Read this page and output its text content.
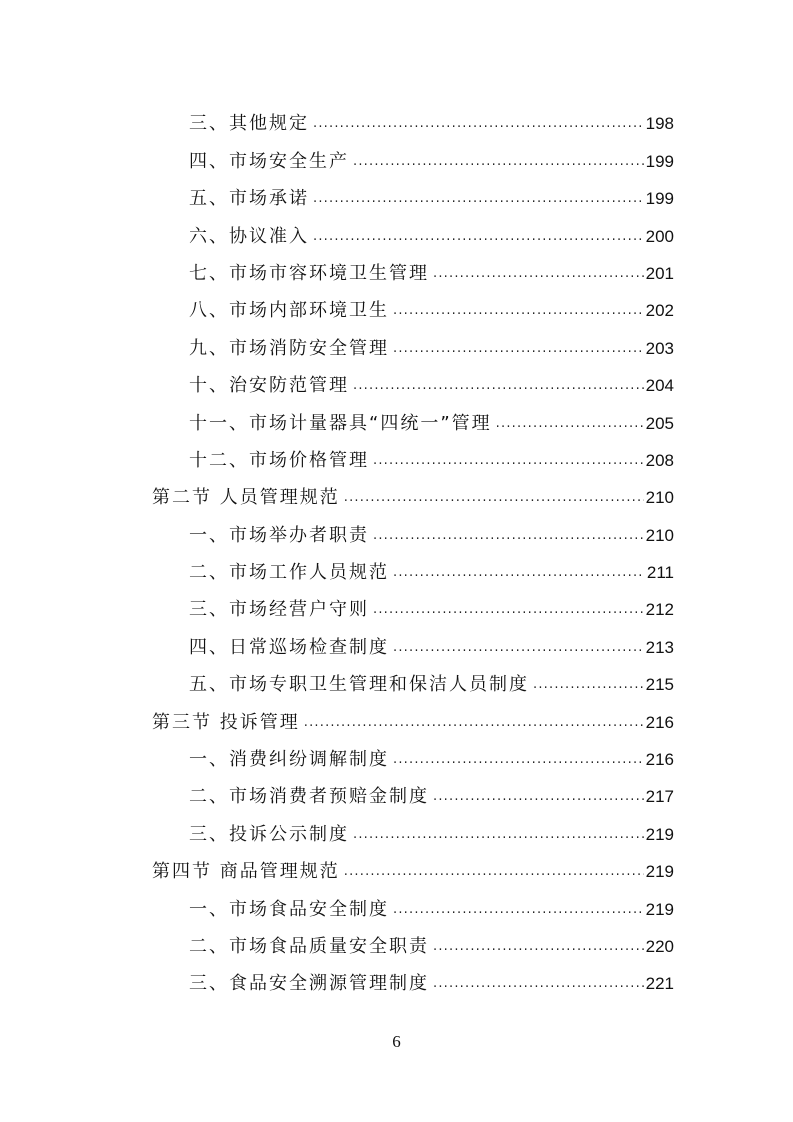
三、其他规定 .....	198
四、市场安全生产 .....	199
五、市场承诺 .....	199
六、协议准入 .....	200
七、市场市容环境卫生管理 .....	201
八、市场内部环境卫生 .....	202
九、市场消防安全管理 .....	203
十、治安防范管理 .....	204
十一、市场计量器具“四统一”管理 .....	205
十二、市场价格管理 .....	208
第二节 人员管理规范 .....	210
一、市场举办者职责 .....	210
二、市场工作人员规范 .....	211
三、市场经营户守则 .....	212
四、日常巡场检查制度 .....	213
五、市场专职卫生管理和保洁人员制度 .....	215
第三节 投诉管理 .....	216
一、消费纠纷调解制度 .....	216
二、市场消费者预赔金制度 .....	217
三、投诉公示制度 .....	219
第四节 商品管理规范 .....	219
一、市场食品安全制度 .....	219
二、市场食品质量安全职责 .....	220
三、食品安全溯源管理制度 .....	221
6
